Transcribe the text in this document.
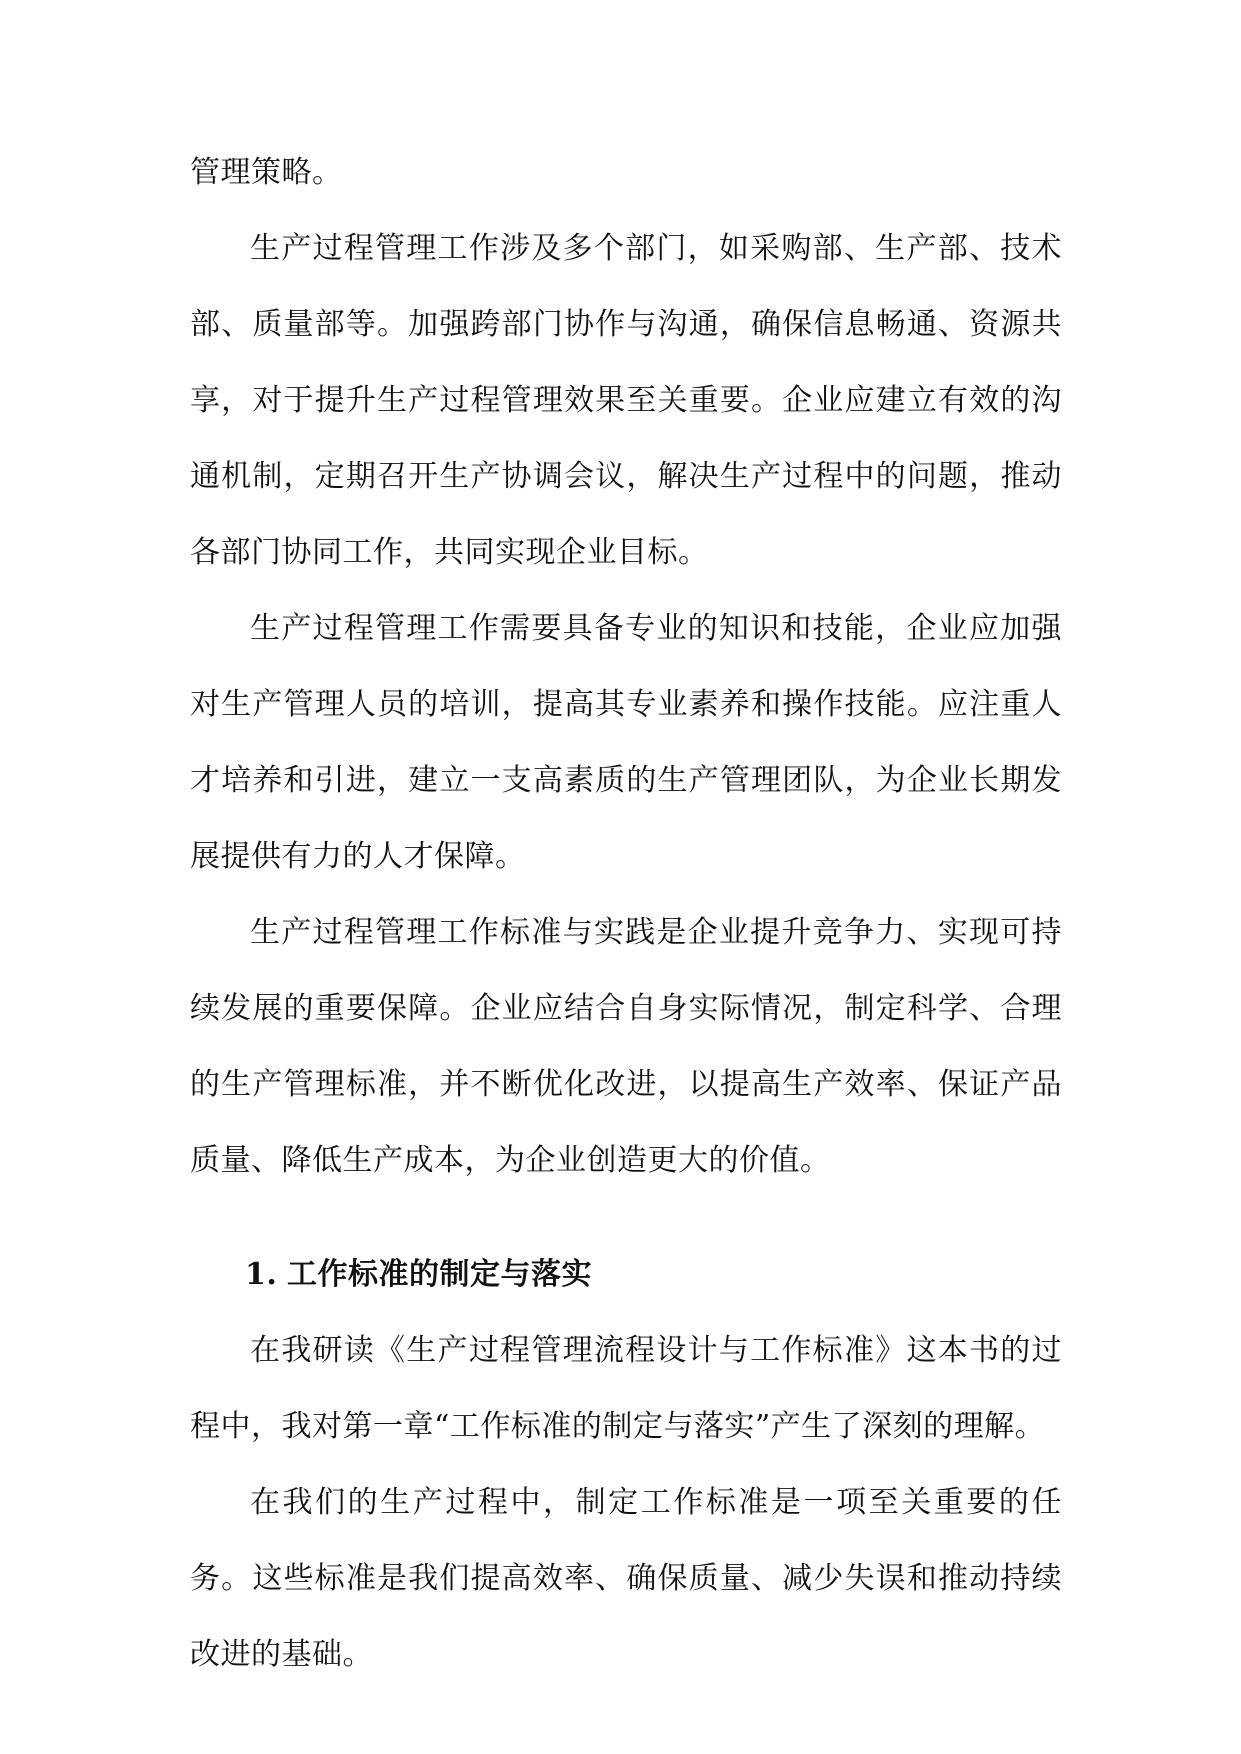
管理策略。

生产过程管理工作涉及多个部门，如采购部、生产部、技术部、质量部等。加强跨部门协作与沟通，确保信息畅通、资源共享，对于提升生产过程管理效果至关重要。企业应建立有效的沟通机制，定期召开生产协调会议，解决生产过程中的问题，推动各部门协同工作，共同实现企业目标。

生产过程管理工作需要具备专业的知识和技能，企业应加强对生产管理人员的培训，提高其专业素养和操作技能。应注重人才培养和引进，建立一支高素质的生产管理团队，为企业长期发展提供有力的人才保障。

生产过程管理工作标准与实践是企业提升竞争力、实现可持续发展的重要保障。企业应结合自身实际情况，制定科学、合理的生产管理标准，并不断优化改进，以提高生产效率、保证产品质量、降低生产成本，为企业创造更大的价值。

1. 工作标准的制定与落实

在我研读《生产过程管理流程设计与工作标准》这本书的过程中，我对第一章“工作标准的制定与落实”产生了深刻的理解。

在我们的生产过程中，制定工作标准是一项至关重要的任务。这些标准是我们提高效率、确保质量、减少失误和推动持续改进的基础。
